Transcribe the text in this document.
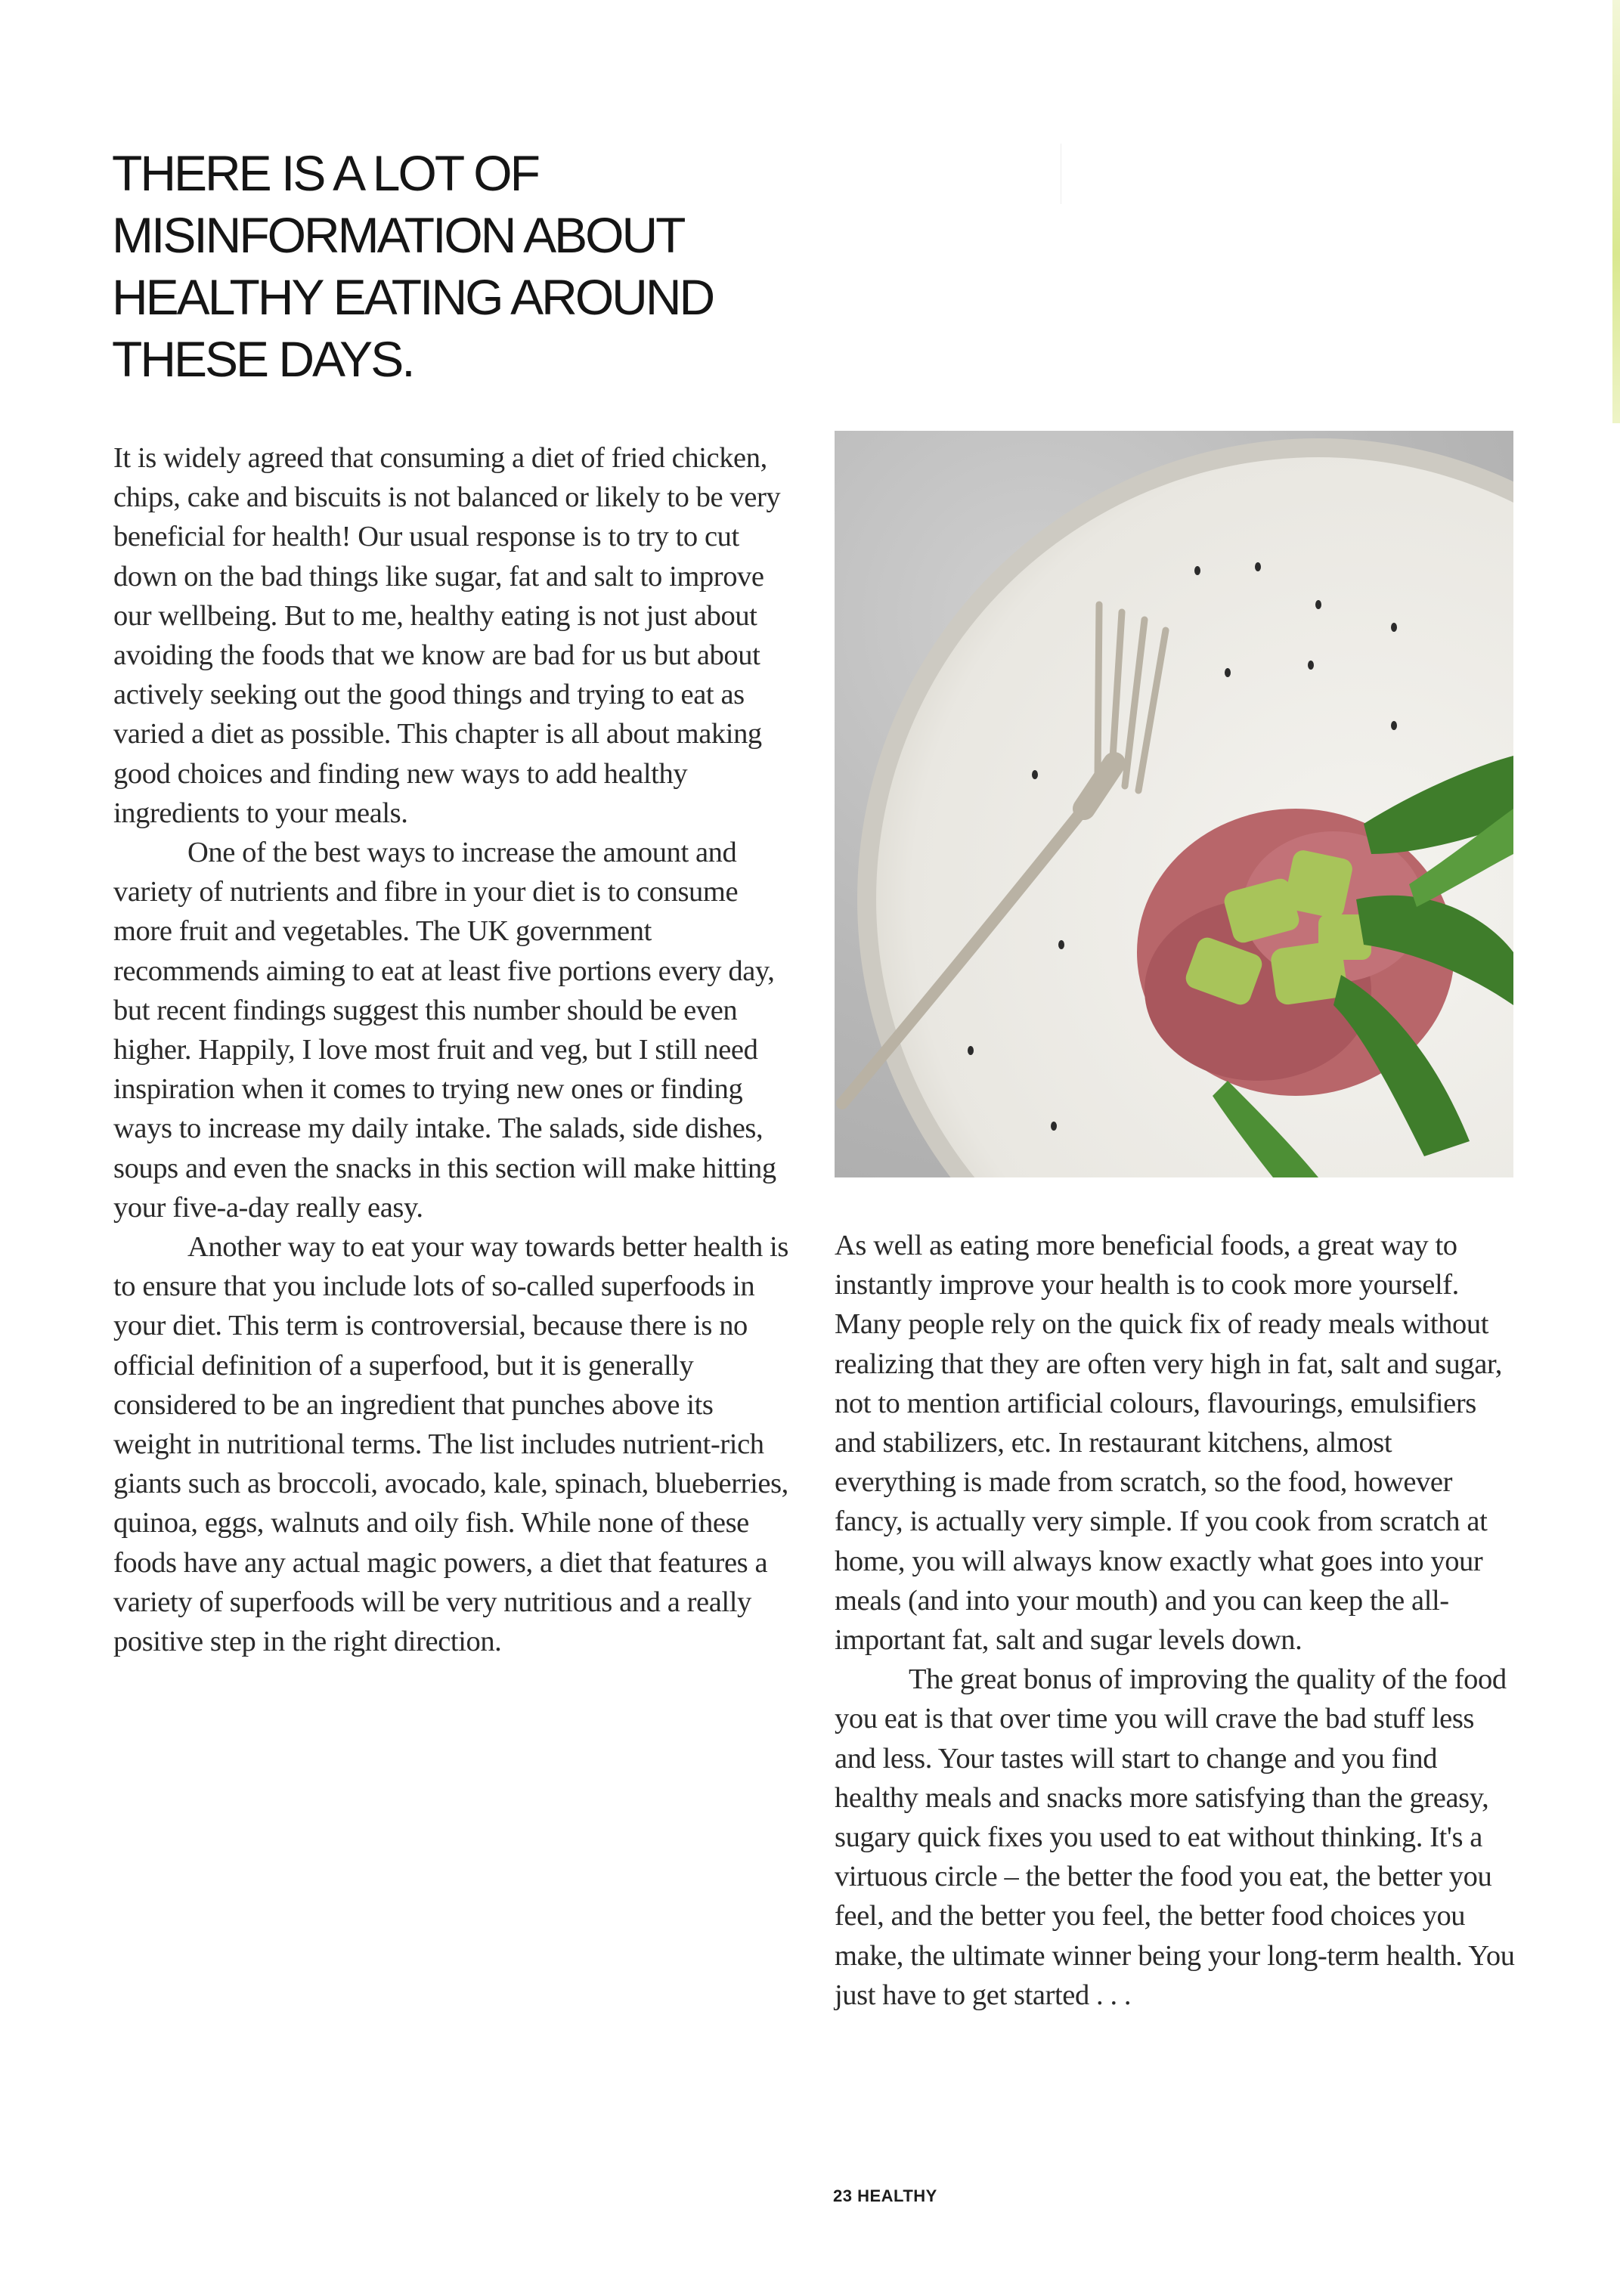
THERE IS A LOT OF MISINFORMATION ABOUT HEALTHY EATING AROUND THESE DAYS.

It is widely agreed that consuming a diet of fried chicken, chips, cake and biscuits is not balanced or likely to be very beneficial for health! Our usual response is to try to cut down on the bad things like sugar, fat and salt to improve our wellbeing. But to me, healthy eating is not just about avoiding the foods that we know are bad for us but about actively seeking out the good things and trying to eat as varied a diet as possible. This chapter is all about making good choices and finding new ways to add healthy ingredients to your meals.

One of the best ways to increase the amount and variety of nutrients and fibre in your diet is to consume more fruit and vegetables. The UK government recommends aiming to eat at least five portions every day, but recent findings suggest this number should be even higher. Happily, I love most fruit and veg, but I still need inspiration when it comes to trying new ones or finding ways to increase my daily intake. The salads, side dishes, soups and even the snacks in this section will make hitting your five-a-day really easy.

Another way to eat your way towards better health is to ensure that you include lots of so-called superfoods in your diet. This term is controversial, because there is no official definition of a superfood, but it is generally considered to be an ingredient that punches above its weight in nutritional terms. The list includes nutrient-rich giants such as broccoli, avocado, kale, spinach, blueberries, quinoa, eggs, walnuts and oily fish. While none of these foods have any actual magic powers, a diet that features a variety of superfoods will be very nutritious and a really positive step in the right direction.

As well as eating more beneficial foods, a great way to instantly improve your health is to cook more yourself. Many people rely on the quick fix of ready meals without realizing that they are often very high in fat, salt and sugar, not to mention artificial colours, flavourings, emulsifiers and stabilizers, etc. In restaurant kitchens, almost everything is made from scratch, so the food, however fancy, is actually very simple. If you cook from scratch at home, you will always know exactly what goes into your meals (and into your mouth) and you can keep the all-important fat, salt and sugar levels down.

The great bonus of improving the quality of the food you eat is that over time you will crave the bad stuff less and less. Your tastes will start to change and you find healthy meals and snacks more satisfying than the greasy, sugary quick fixes you used to eat without thinking. It's a virtuous circle – the better the food you eat, the better you feel, and the better you feel, the better food choices you make, the ultimate winner being your long-term health. You just have to get started . . .

23 HEALTHY
